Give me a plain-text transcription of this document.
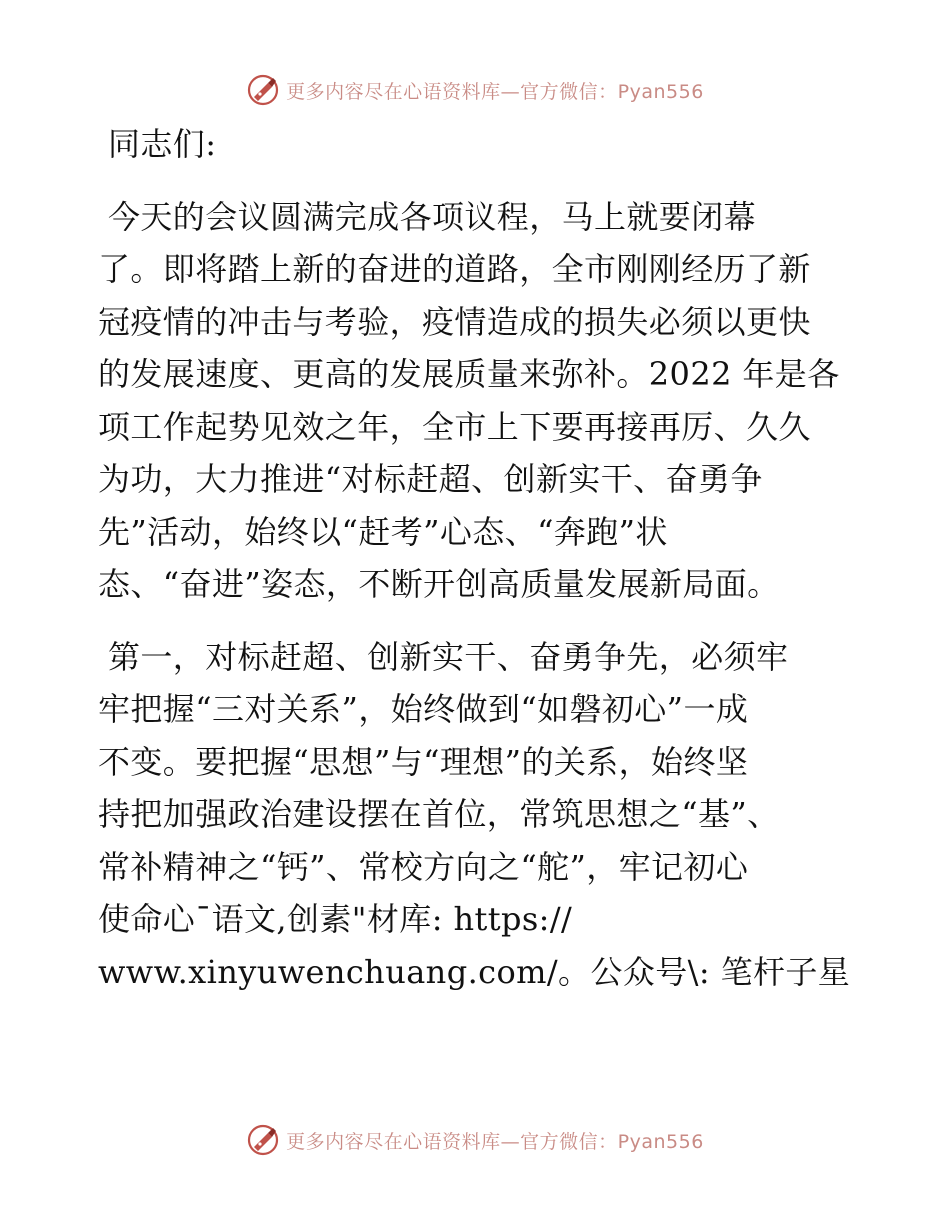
更多内容尽在心语资料库—官方微信：Pyan556

同志们:

今天的会议圆满完成各项议程，马上就要闭幕
了。即将踏上新的奋进的道路，全市刚刚经历了新
冠疫情的冲击与考验，疫情造成的损失必须以更快
的发展速度、更高的发展质量来弥补。2022 年是各
项工作起势见效之年，全市上下要再接再厉、久久
为功，大力推进“对标赶超、创新实干、奋勇争
先”活动，始终以“赶考”心态、“奔跑”状
态、“奋进”姿态，不断开创高质量发展新局面。

第一，对标赶超、创新实干、奋勇争先，必须牢
牢把握“三对关系”，始终做到“如磐初心”一成
不变。要把握“思想”与“理想”的关系，始终坚
持把加强政治建设摆在首位，常筑思想之“基”、
常补精神之“钙”、常校方向之“舵”，牢记初心
使命心¯语文,创素"材库: https://
www.xinyuwenchuang.com/。公众号\: 笔杆子星

更多内容尽在心语资料库—官方微信：Pyan556
